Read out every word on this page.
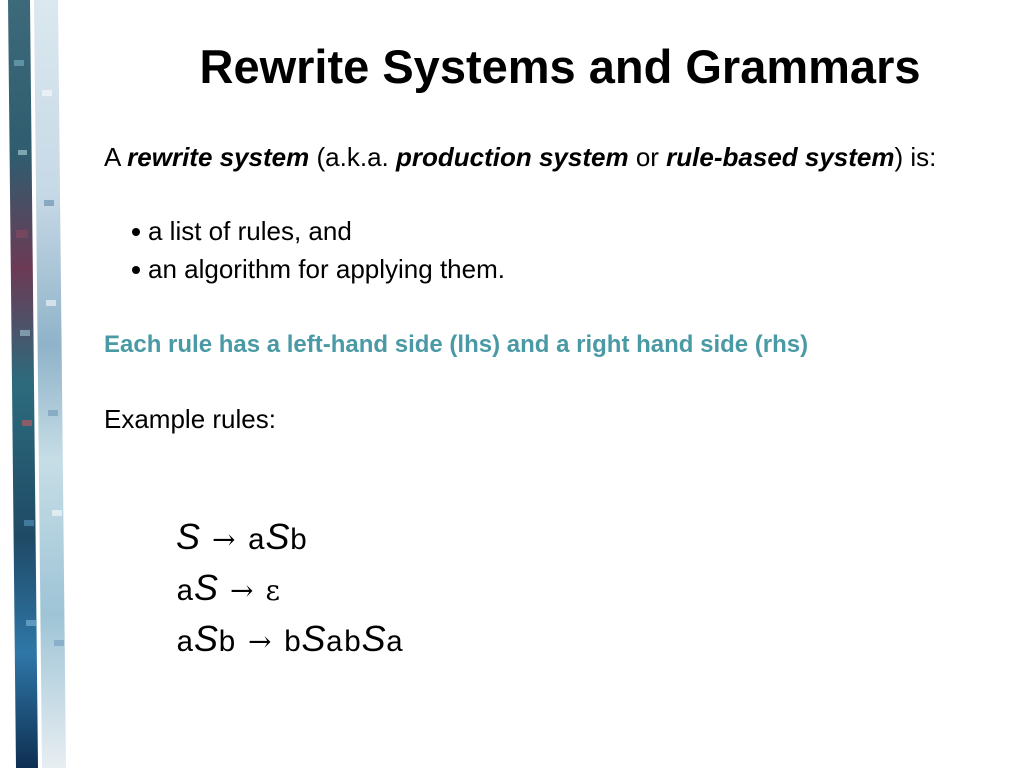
Rewrite Systems and Grammars
A rewrite system (a.k.a. production system or rule-based system) is:
a list of rules, and
an algorithm for applying them.
Each rule has a left-hand side (lhs) and a right hand side (rhs)
Example rules:
S → a S b
a S → ε
a S b → b S ab S a
